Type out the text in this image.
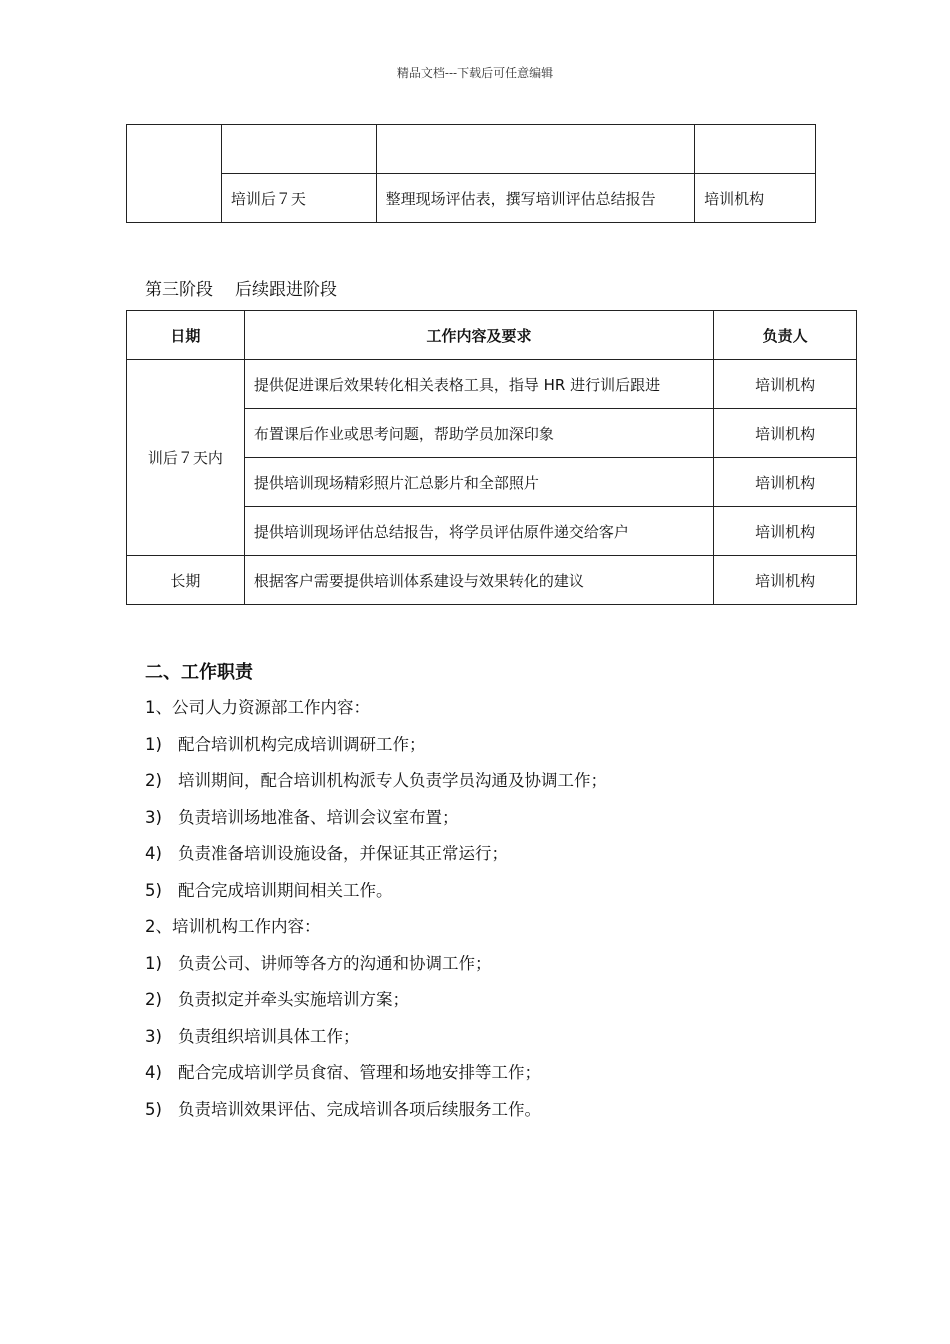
精品文档---下载后可任意编辑

	培训后７天	整理现场评估表，撰写培训评估总结报告	培训机构
第三阶段 后续跟进阶段
日期	工作内容及要求	负责人
训后７天内	提供促进课后效果转化相关表格工具，指导 HR 进行训后跟进	培训机构
	布置课后作业或思考问题，帮助学员加深印象	培训机构
	提供培训现场精彩照片汇总影片和全部照片	培训机构
	提供培训现场评估总结报告，将学员评估原件递交给客户	培训机构
长期	根据客户需要提供培训体系建设与效果转化的建议	培训机构
二、工作职责
1、公司人力资源部工作内容：
1) 配合培训机构完成培训调研工作；
2) 培训期间，配合培训机构派专人负责学员沟通及协调工作；
3) 负责培训场地准备、培训会议室布置；
4) 负责准备培训设施设备，并保证其正常运行；
5) 配合完成培训期间相关工作。
2、培训机构工作内容：
1) 负责公司、讲师等各方的沟通和协调工作；
2) 负责拟定并牵头实施培训方案；
3) 负责组织培训具体工作；
4) 配合完成培训学员食宿、管理和场地安排等工作；
5) 负责培训效果评估、完成培训各项后续服务工作。
